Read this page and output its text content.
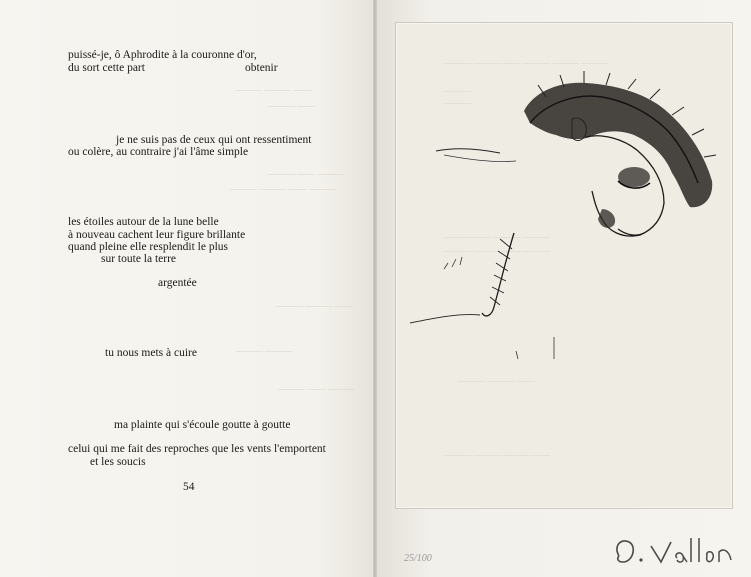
——— ——— ——
——— ——
——— —— ———
——— ——— —— ———
——— ——— ——
——— ———
——— —— ———
puissé-je, ô Aphrodite à la couronne d'or,
du sort cette part	obtenir
je ne suis pas de ceux qui ont ressentiment
ou colère, au contraire j'ai l'âme simple
les étoiles autour de la lune belle
à nouveau cachent leur figure brillante
quand pleine elle resplendit le plus
sur toute la terre
argentée
tu nous mets à cuire
ma plainte qui s'écoule goutte à goutte
celui qui me fait des reproches que les vents l'emportent
et les soucis
54
——— ——— —— ——— ——— ———
———
———
——— —— ——— ———
——— ——— —— ———
——— ——— ——
——— ——— ——— ——
25/100
